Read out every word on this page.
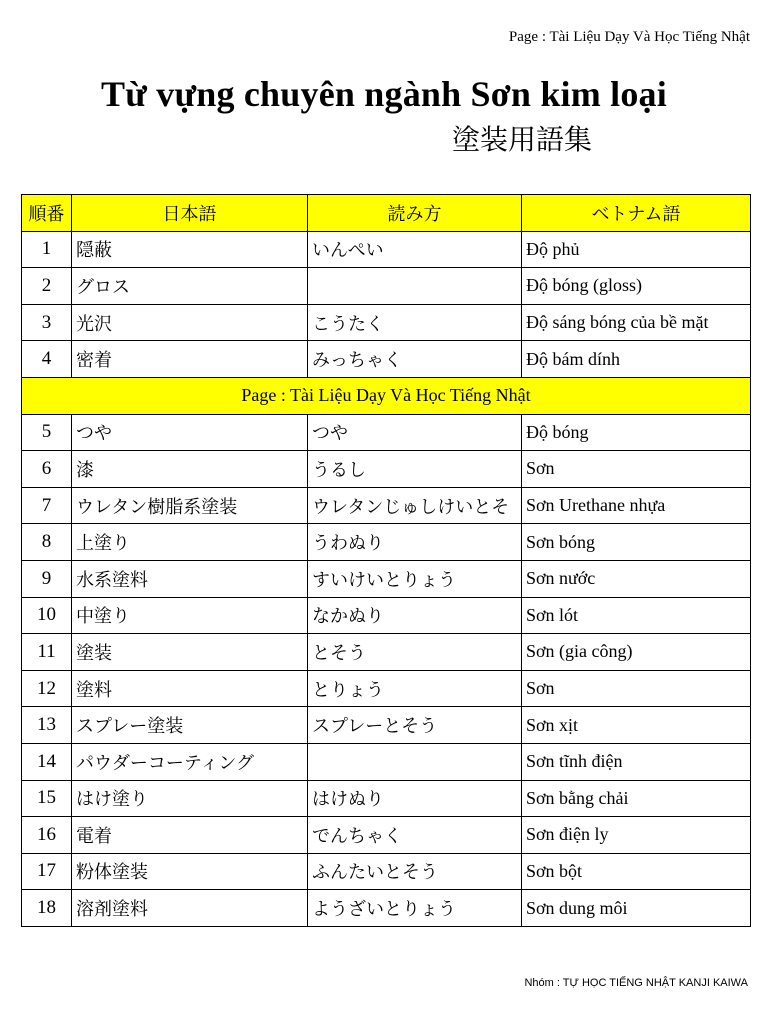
Page : Tài Liệu Dạy Và Học Tiếng Nhật
Từ vựng chuyên ngành Sơn kim loại
塗装用語集
順番	日本語	読み方	ベトナム語
1	隠蔽	いんぺい	Độ phủ
2	グロス		Độ bóng (gloss)
3	光沢	こうたく	Độ sáng bóng của bề mặt
4	密着	みっちゃく	Độ bám dính
Page : Tài Liệu Dạy Và Học Tiếng Nhật			
5	つや	つや	Độ bóng
6	漆	うるし	Sơn
7	ウレタン樹脂系塗装	ウレタンじゅしけいとそ	Sơn Urethane nhựa
8	上塗り	うわぬり	Sơn bóng
9	水系塗料	すいけいとりょう	Sơn nước
10	中塗り	なかぬり	Sơn lót
11	塗装	とそう	Sơn (gia công)
12	塗料	とりょう	Sơn
13	スプレー塗装	スプレーとそう	Sơn xịt
14	パウダーコーティング		Sơn tĩnh điện
15	はけ塗り	はけぬり	Sơn bằng chải
16	電着	でんちゃく	Sơn điện ly
17	粉体塗装	ふんたいとそう	Sơn bột
18	溶剤塗料	ようざいとりょう	Sơn dung môi
Nhóm : TỰ HỌC TIẾNG NHẬT KANJI KAIWA
